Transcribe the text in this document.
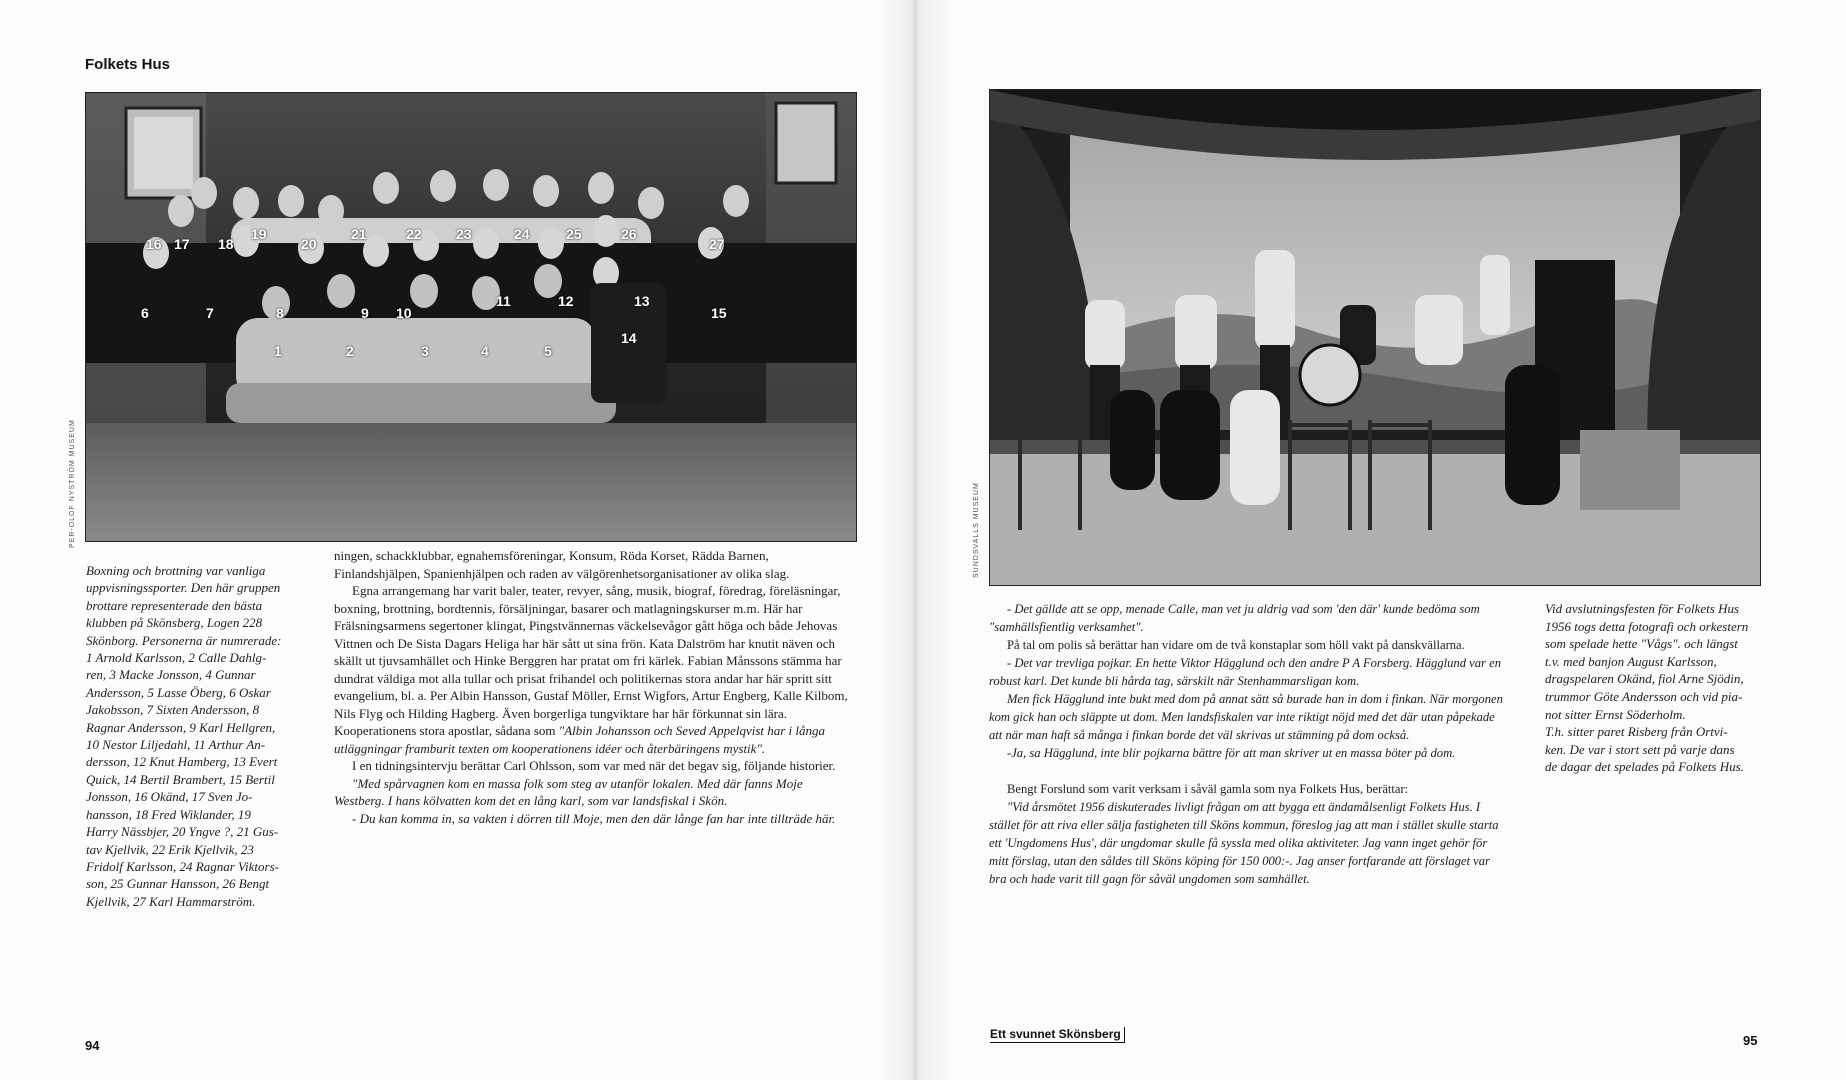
Folkets Hus
1	2	3	4	5
6	7	8	9 10
11	12	13
14
15
16 17 18
19
20
21	22 23	24	25	26
27
PER-OLOF NYSTRÖM MUSEUM
Boxning och brottning var vanliga
uppvisningssporter. Den här gruppen
brottare representerade den bästa
klubben på Skönsberg, Logen 228
Skönborg. Personerna är numrerade:
1 Arnold Karlsson, 2 Calle Dahlg-
ren, 3 Macke Jonsson, 4 Gunnar
Andersson, 5 Lasse Öberg, 6 Oskar
Jakobsson, 7 Sixten Andersson, 8
Ragnar Andersson, 9 Karl Hellgren,
10 Nestor Liljedahl, 11 Arthur An-
dersson, 12 Knut Hamberg, 13 Evert
Quick, 14 Bertil Brambert, 15 Bertil
Jonsson, 16 Okänd, 17 Sven Jo-
hansson, 18 Fred Wiklander, 19
Harry Nässbjer, 20 Yngve ?, 21 Gus-
tav Kjellvik, 22 Erik Kjellvik, 23
Fridolf Karlsson, 24 Ragnar Viktors-
son, 25 Gunnar Hansson, 26 Bengt
Kjellvik, 27 Karl Hammarström.

ningen, schackklubbar, egnahemsföreningar, Konsum, Röda Korset, Rädda Barnen, Finlandshjälpen, Spanienhjälpen och raden av välgörenhetsorganisationer av olika slag.

Egna arrangemang har varit baler, teater, revyer, sång, musik, biograf, föredrag, föreläsningar, boxning, brottning, bordtennis, försäljningar, basarer och matlagningskurser m.m. Här har Frälsningsarmens segertoner klingat, Pingstvännernas väckelsevågor gått höga och både Jehovas Vittnen och De Sista Dagars Heliga har här sått ut sina frön. Kata Dalström har knutit näven och skällt ut tjuvsamhället och Hinke Berggren har pratat om fri kärlek. Fabian Månssons stämma har dundrat väldiga mot alla tullar och prisat frihandel och politikernas stora andar har här spritt sitt evangelium, bl. a. Per Albin Hansson, Gustaf Möller, Ernst Wigfors, Artur Engberg, Kalle Kilbom, Nils Flyg och Hilding Hagberg. Även borgerliga tungviktare har här förkunnat sin lära. Kooperationens stora apostlar, sådana som "Albin Johansson och Seved Appelqvist har i långa utläggningar framburit texten om kooperationens idéer och återbäringens mystik".

I en tidningsintervju berättar Carl Ohlsson, som var med när det begav sig, följande historier.

"Med spårvagnen kom en massa folk som steg av utanför lokalen. Med där fanns Moje Westberg. I hans kölvatten kom det en lång karl, som var landsfiskal i Skön.

- Du kan komma in, sa vakten i dörren till Moje, men den där långe fan har inte tillträde här.

94
SUNDSVALLS MUSEUM

- Det gällde att se opp, menade Calle, man vet ju aldrig vad som 'den där' kunde bedöma som "samhällsfientlig verksamhet".

På tal om polis så berättar han vidare om de två konstaplar som höll vakt på danskvällarna.

- Det var trevliga pojkar. En hette Viktor Hägglund och den andre P A Forsberg. Hägglund var en robust karl. Det kunde bli hårda tag, särskilt när Stenhammarsligan kom.

Men fick Hägglund inte bukt med dom på annat sätt så burade han in dom i finkan. När morgonen kom gick han och släppte ut dom. Men landsfiskalen var inte riktigt nöjd med det där utan påpekade att när man haft så många i finkan borde det väl skrivas ut stämning på dom också.

-Ja, sa Hägglund, inte blir pojkarna bättre för att man skriver ut en massa böter på dom.

Bengt Forslund som varit verksam i såväl gamla som nya Folkets Hus, berättar:

"Vid årsmötet 1956 diskuterades livligt frågan om att bygga ett ändamålsenligt Folkets Hus. I stället för att riva eller sälja fastigheten till Sköns kommun, föreslog jag att man i stället skulle starta ett 'Ungdomens Hus', där ungdomar skulle få syssla med olika aktiviteter. Jag vann inget gehör för mitt förslag, utan den såldes till Sköns köping för 150 000:-. Jag anser fortfarande att förslaget var bra och hade varit till gagn för såväl ungdomen som samhället.

Vid avslutningsfesten för Folkets Hus
1956 togs detta fotografi och orkestern
som spelade hette "Vågs". och längst
t.v. med banjon August Karlsson,
dragspelaren Okänd, fiol Arne Sjödin,
trummor Göte Andersson och vid pia-
not sitter Ernst Söderholm.
T.h. sitter paret Risberg från Ortvi-
ken. De var i stort sett på varje dans
de dagar det spelades på Folkets Hus.
Ett svunnet Skönsberg	95
